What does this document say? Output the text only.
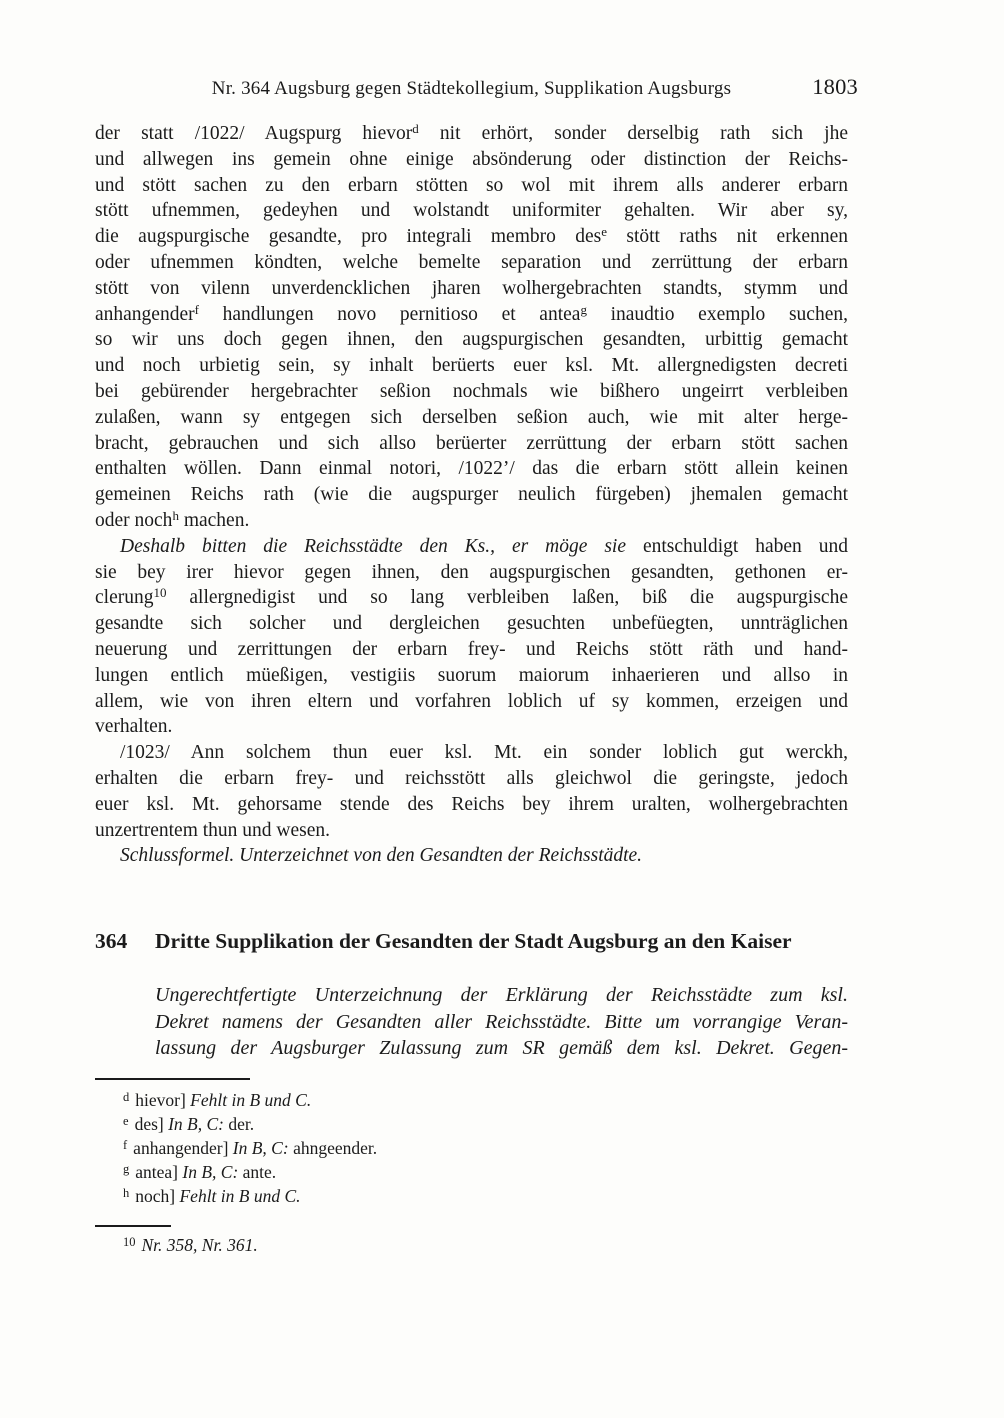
Nr. 364 Augsburg gegen Städtekollegium, Supplikation Augsburgs	1803
der statt /1022/ Augspurg hievor$^d$ nit erhört, sonder derselbig rath sich jhe
und allwegen ins gemein ohne einige absönderung oder distinction der Reichs-
und stött sachen zu den erbarn stötten so wol mit ihrem alls anderer erbarn
stött ufnemmen, gedeyhen und wolstandt uniformiter gehalten. Wir aber sy,
die augspurgische gesandte, pro integrali membro des$^e$ stött raths nit erkennen
oder ufnemmen köndten, welche bemelte separation und zerrüttung der erbarn
stött von vilenn unverdencklichen jharen wolhergebrachten standts, stymm und
anhangender$^f$ handlungen novo pernitioso et antea$^g$ inaudtio exemplo suchen,
so wir uns doch gegen ihnen, den augspurgischen gesandten, urbittig gemacht
und noch urbietig sein, sy inhalt berüerts euer ksl. Mt. allergnedigsten decreti
bei gebürender hergebrachter seßion nochmals wie bißhero ungeirrt verbleiben
zulaßen, wann sy entgegen sich derselben seßion auch, wie mit alter herge-
bracht, gebrauchen und sich allso berüerter zerrüttung der erbarn stött sachen
enthalten wöllen. Dann einmal notori, /1022’/ das die erbarn stött allein keinen
gemeinen Reichs rath (wie die augspurger neulich fürgeben) jhemalen gemacht
oder noch$^h$ machen.
Deshalb bitten die Reichsstädte den Ks., er möge sie entschuldigt haben und
sie bey irer hievor gegen ihnen, den augspurgischen gesandten, gethonen er-
clerung$^{10}$ allergnedigist und so lang verbleiben laßen, biß die augspurgische
gesandte sich solcher und dergleichen gesuchten unbefüegten, unnträglichen
neuerung und zerrittungen der erbarn frey- und Reichs stött räth und hand-
lungen entlich müeßigen, vestigiis suorum maiorum inhaerieren und allso in
allem, wie von ihren eltern und vorfahren loblich uf sy kommen, erzeigen und
verhalten.
/1023/ Ann solchem thun euer ksl. Mt. ein sonder loblich gut werckh,
erhalten die erbarn frey- und reichsstött alls gleichwol die geringste, jedoch
euer ksl. Mt. gehorsame stende des Reichs bey ihrem uralten, wolhergebrachten
unzertrentem thun und wesen.
Schlussformel. Unterzeichnet von den Gesandten der Reichsstädte.
364	Dritte Supplikation der Gesandten der Stadt Augsburg an den Kaiser
Ungerechtfertigte Unterzeichnung der Erklärung der Reichsstädte zum ksl.
Dekret namens der Gesandten aller Reichsstädte. Bitte um vorrangige Veran-
lassung der Augsburger Zulassung zum SR gemäß dem ksl. Dekret. Gegen-
$^d$ hievor] Fehlt in B und C.
$^e$ des] In B, C: der.
$^f$ anhangender] In B, C: ahngeender.
$^g$ antea] In B, C: ante.
$^h$ noch] Fehlt in B und C.
$^{10}$ Nr. 358, Nr. 361.
